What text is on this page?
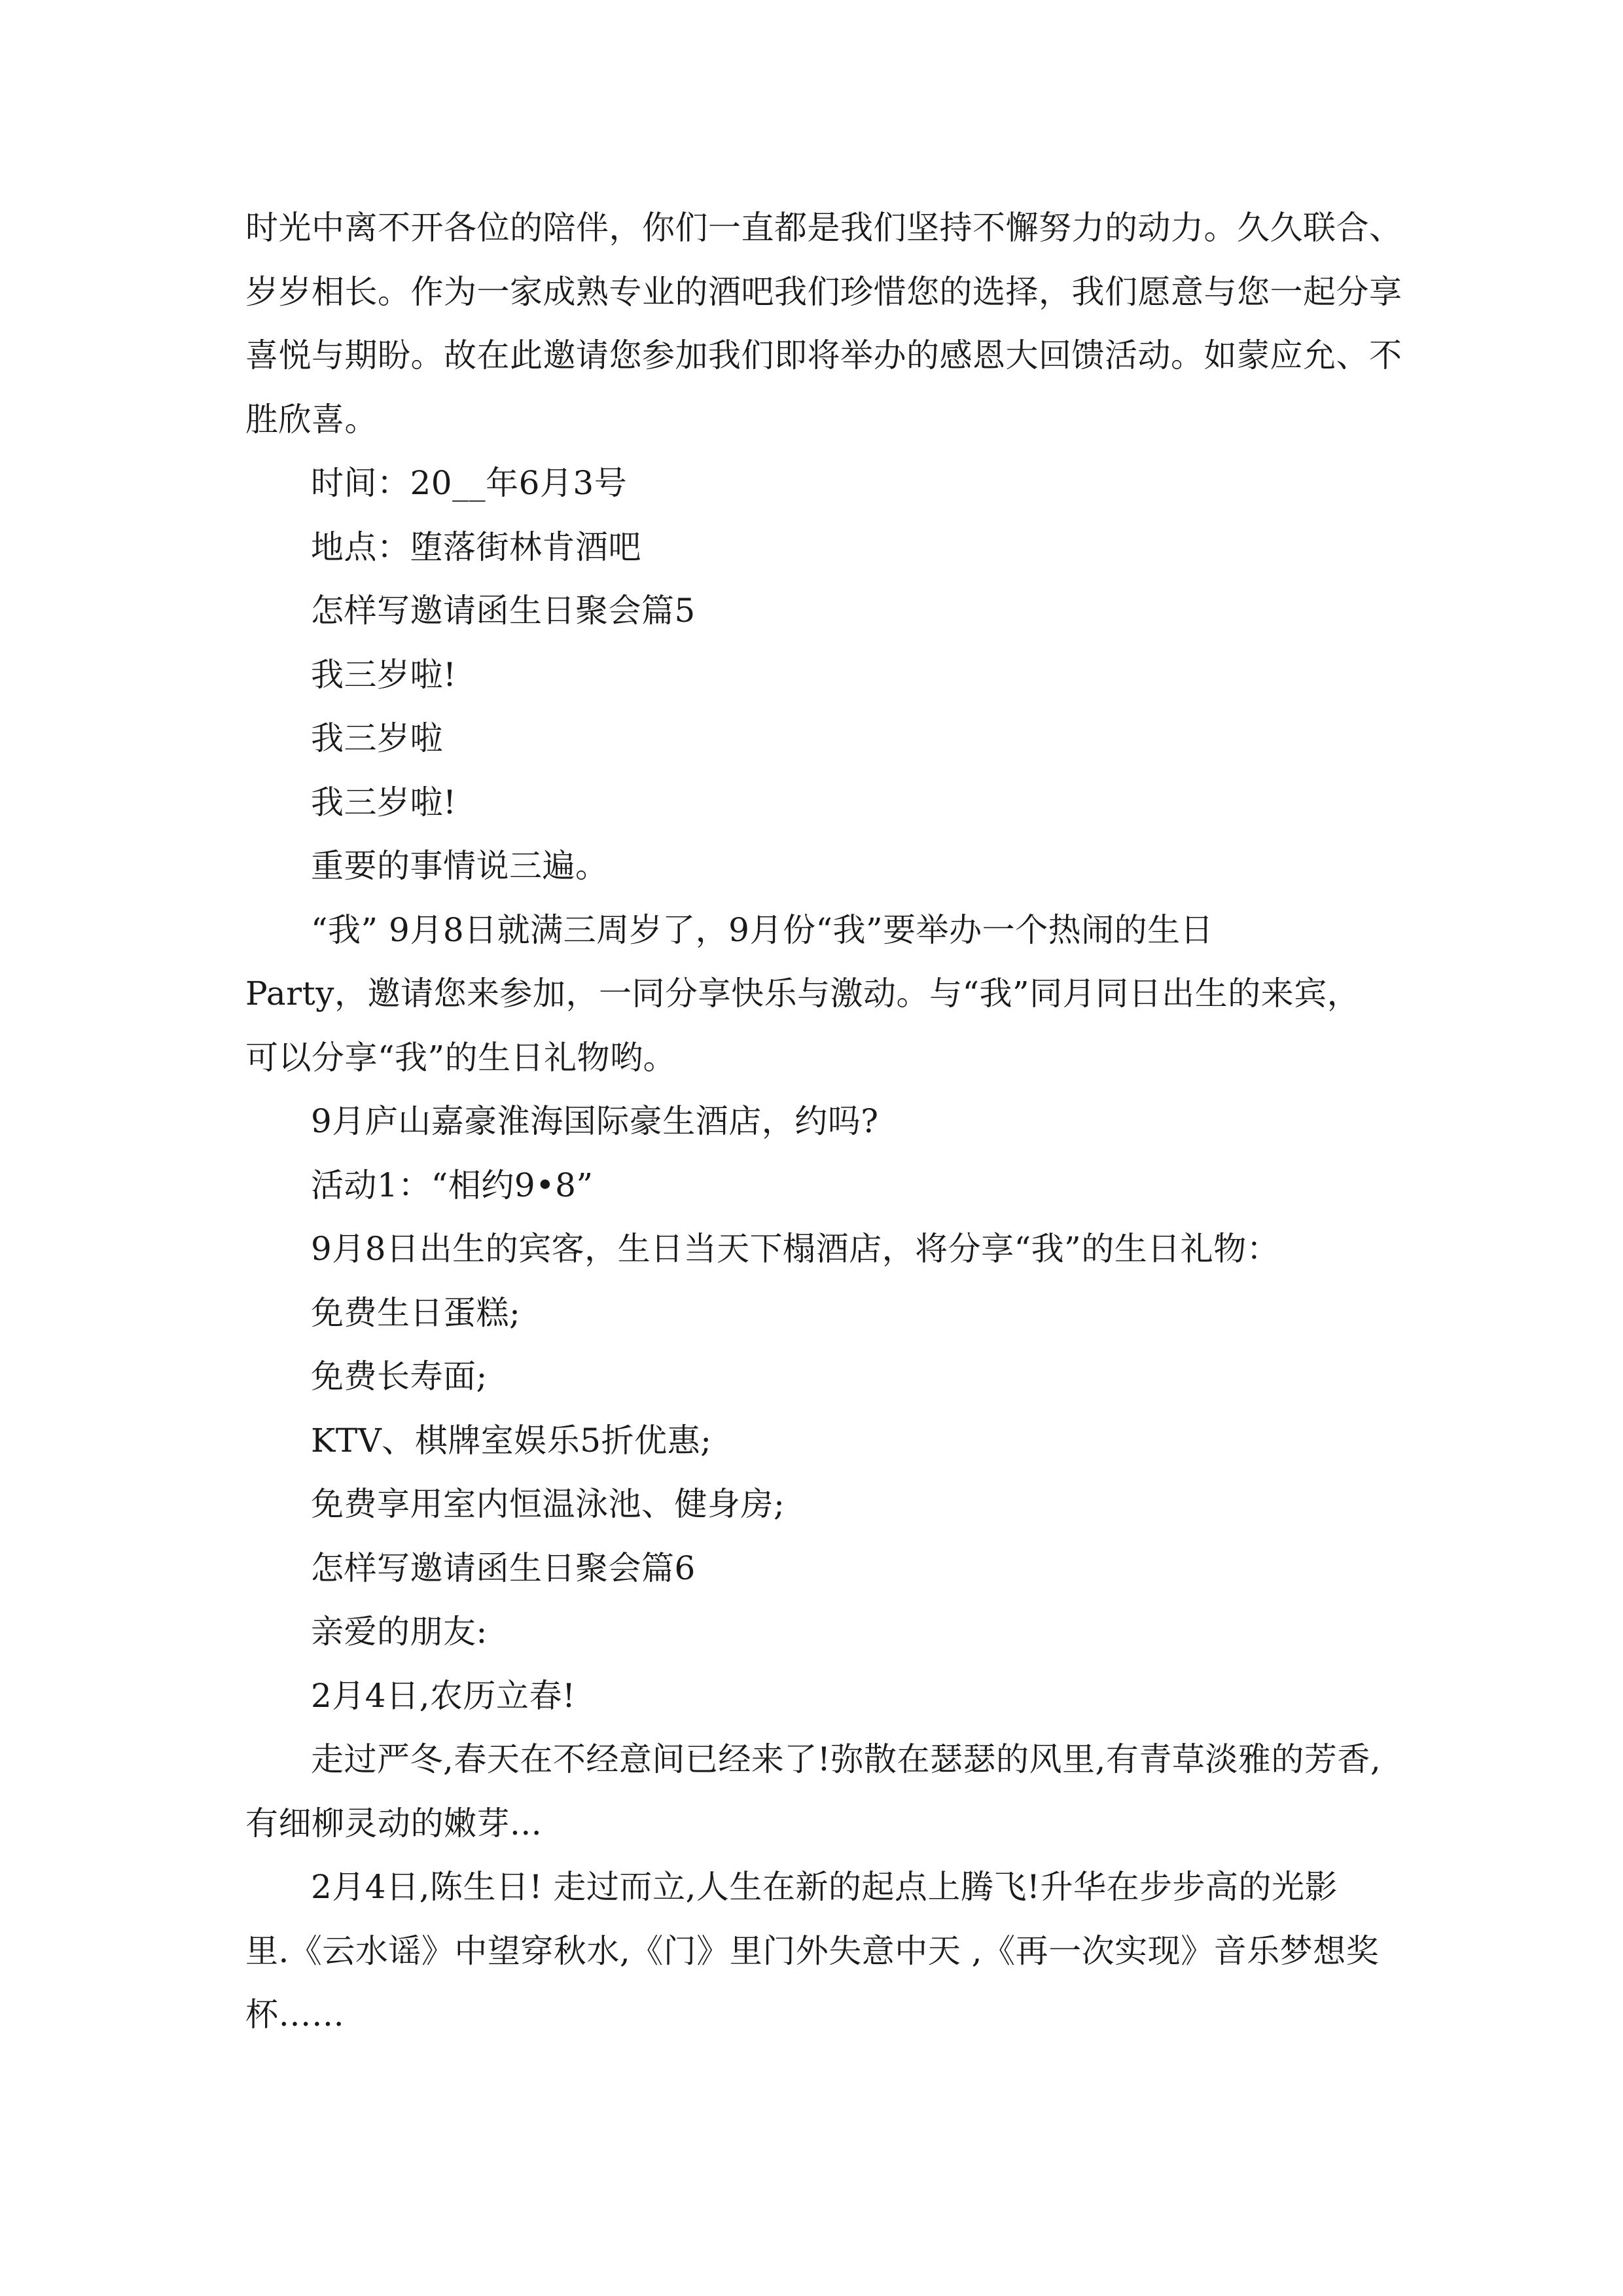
时光中离不开各位的陪伴，你们一直都是我们坚持不懈努力的动力。久久联合、
岁岁相长。作为一家成熟专业的酒吧我们珍惜您的选择，我们愿意与您一起分享
喜悦与期盼。故在此邀请您参加我们即将举办的感恩大回馈活动。如蒙应允、不
胜欣喜。
时间：20__年6月3号
地点：堕落街林肯酒吧
怎样写邀请函生日聚会篇5
我三岁啦!
我三岁啦
我三岁啦!
重要的事情说三遍。
“我” 9月8日就满三周岁了，9月份“我”要举办一个热闹的生日
Party，邀请您来参加，一同分享快乐与激动。与“我”同月同日出生的来宾，
可以分享“我”的生日礼物哟。
9月庐山嘉豪淮海国际豪生酒店，约吗?
活动1：“相约9•8”
9月8日出生的宾客，生日当天下榻酒店，将分享“我”的生日礼物：
免费生日蛋糕;
免费长寿面;
KTV、棋牌室娱乐5折优惠;
免费享用室内恒温泳池、健身房;
怎样写邀请函生日聚会篇6
亲爱的朋友:
2月4日,农历立春!
走过严冬,春天在不经意间已经来了!弥散在瑟瑟的风里,有青草淡雅的芳香,
有细柳灵动的嫩芽...
2月4日,陈生日! 走过而立,人生在新的起点上腾飞!升华在步步高的光影
里.《云水谣》中望穿秋水,《门》里门外失意中天 ,《再一次实现》音乐梦想奖
杯……
